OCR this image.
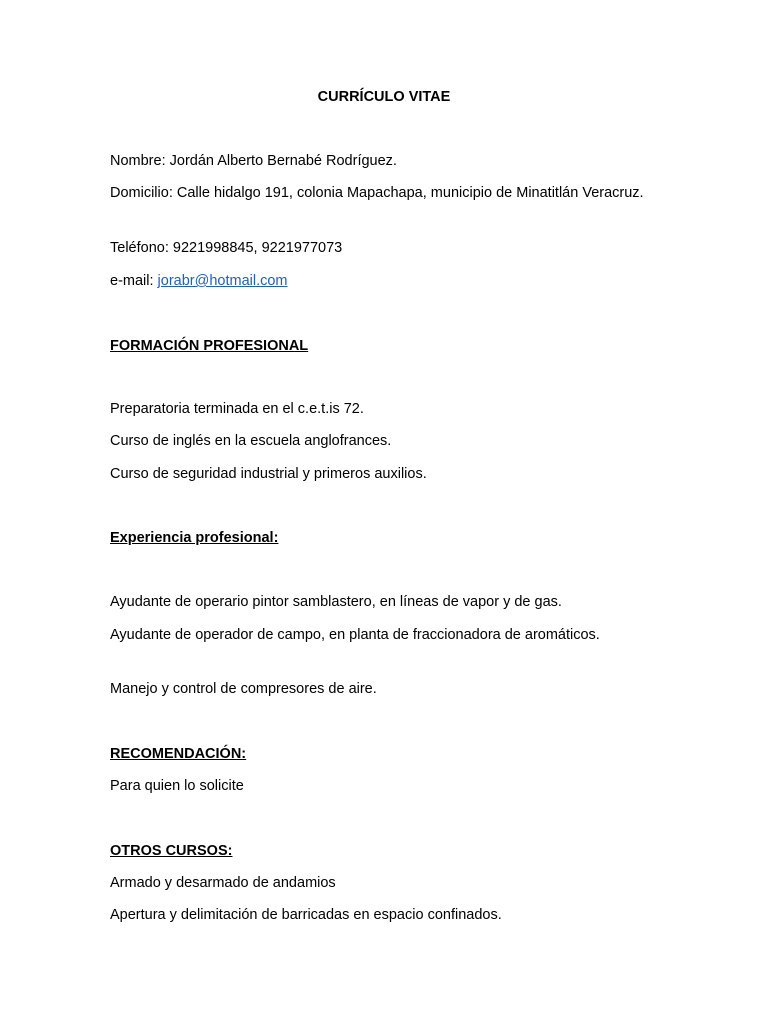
CURRÍCULO VITAE
Nombre: Jordán Alberto Bernabé Rodríguez.
Domicilio: Calle hidalgo 191, colonia Mapachapa, municipio de Minatitlán Veracruz.
Teléfono: 9221998845, 9221977073
e-mail: jorabr@hotmail.com
FORMACIÓN PROFESIONAL
Preparatoria terminada en el c.e.t.is 72.
Curso de inglés en la escuela anglofrances.
Curso de seguridad industrial y primeros auxilios.
Experiencia profesional:
Ayudante de operario pintor samblastero, en líneas de vapor y de gas.
Ayudante de operador de campo, en planta de fraccionadora de aromáticos.
Manejo y control de compresores de aire.
RECOMENDACIÓN:
Para quien lo solicite
OTROS CURSOS:
Armado y desarmado de andamios
Apertura y delimitación de barricadas en espacio confinados.
